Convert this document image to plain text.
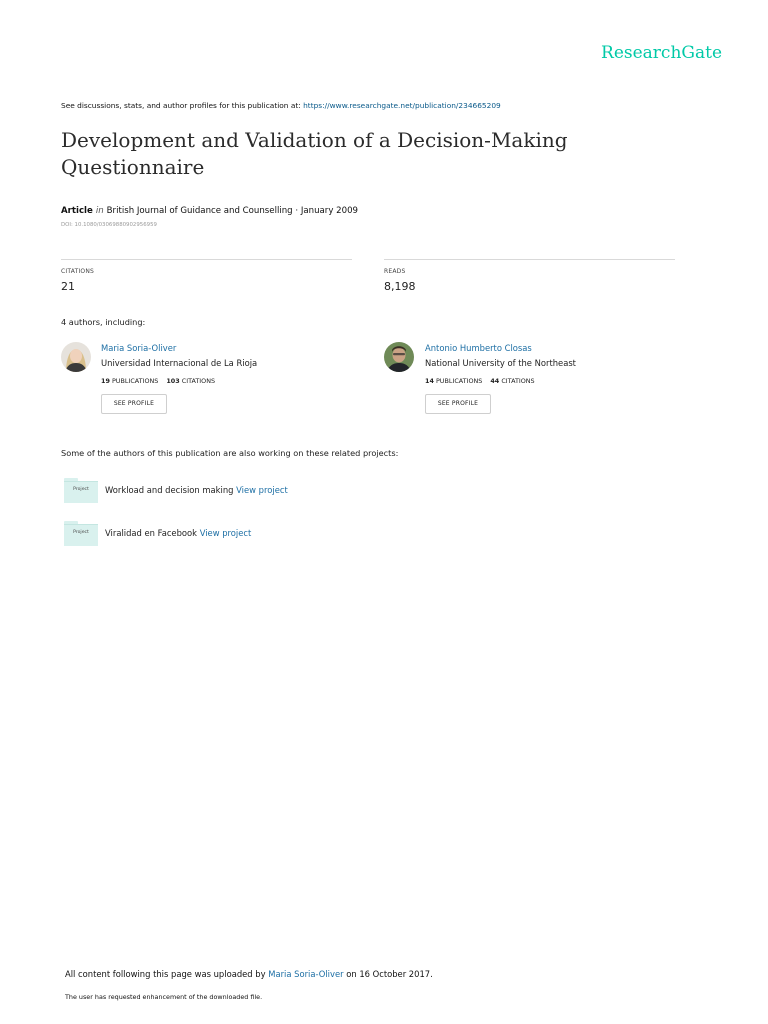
ResearchGate
See discussions, stats, and author profiles for this publication at: https://www.researchgate.net/publication/234665209
Development and Validation of a Decision-Making Questionnaire
Article in British Journal of Guidance and Counselling · January 2009
DOI: 10.1080/03069880902956959
CITATIONS
21
READS
8,198
4 authors, including:
Maria Soria-Oliver
Universidad Internacional de La Rioja
19 PUBLICATIONS 103 CITATIONS
SEE PROFILE
Antonio Humberto Closas
National University of the Northeast
14 PUBLICATIONS 44 CITATIONS
SEE PROFILE
Some of the authors of this publication are also working on these related projects:
Project	Workload and decision making View project
Project	Viralidad en Facebook View project
All content following this page was uploaded by Maria Soria-Oliver on 16 October 2017.
The user has requested enhancement of the downloaded file.
